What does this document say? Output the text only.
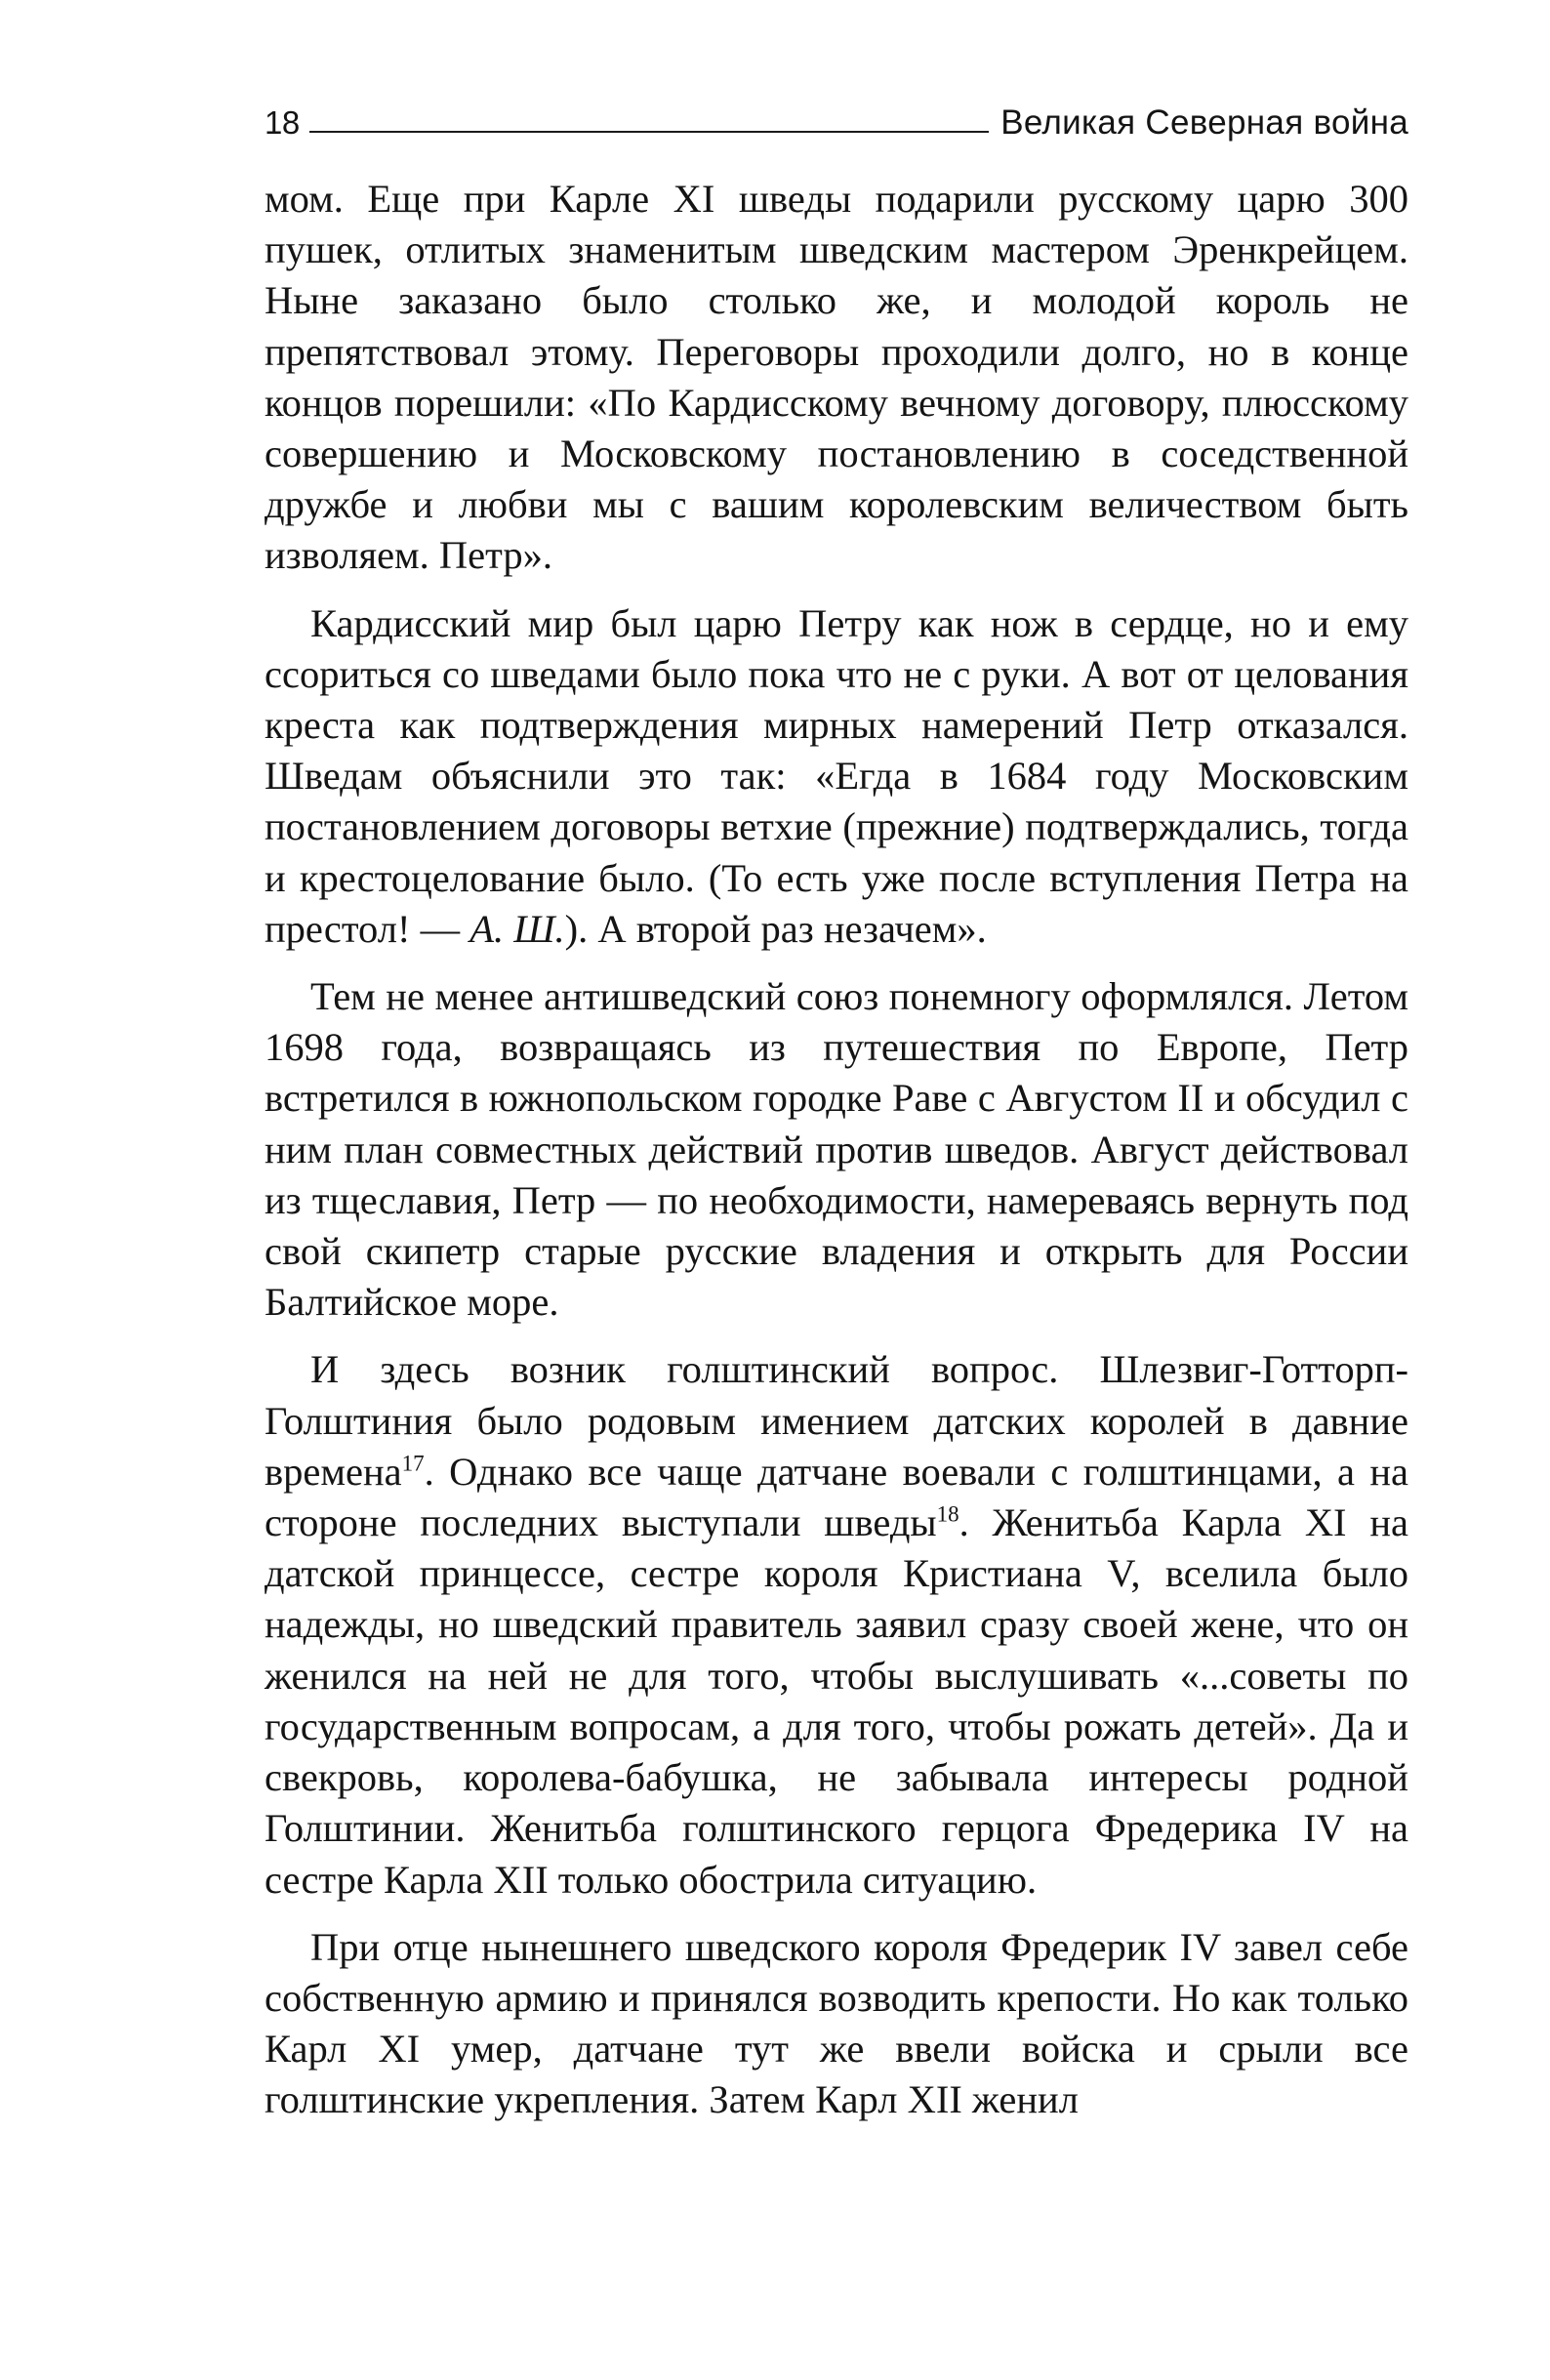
18	Великая Северная война

мом. Еще при Карле XI шведы подарили русскому царю 300 пушек, отлитых знаменитым шведским мастером Эренкрейцем. Ныне заказано было столько же, и молодой король не препятствовал этому. Переговоры проходили долго, но в конце концов порешили: «По Кардисскому вечному договору, плюсскому совершению и Московскому постановлению в соседственной дружбе и любви мы с вашим королевским величеством быть изволяем. Петр».

Кардисский мир был царю Петру как нож в сердце, но и ему ссориться со шведами было пока что не с руки. А вот от целования креста как подтверждения мирных намерений Петр отказался. Шведам объяснили это так: «Егда в 1684 году Московским постановлением договоры ветхие (прежние) подтверждались, тогда и крестоцелование было. (То есть уже после вступления Петра на престол! — А. Ш.). А второй раз незачем».

Тем не менее антишведский союз понемногу оформлялся. Летом 1698 года, возвращаясь из путешествия по Европе, Петр встретился в южнопольском городке Раве с Августом II и обсудил с ним план совместных действий против шведов. Август действовал из тщеславия, Петр — по необходимости, намереваясь вернуть под свой скипетр старые русские владения и открыть для России Балтийское море.

И здесь возник голштинский вопрос. Шлезвиг-Готторп-Голштиния было родовым имением датских королей в давние времена$^{17}$. Однако все чаще датчане воевали с голштинцами, а на стороне последних выступали шведы$^{18}$. Женитьба Карла XI на датской принцессе, сестре короля Кристиана V, вселила было надежды, но шведский правитель заявил сразу своей жене, что он женился на ней не для того, чтобы выслушивать «...советы по государственным вопросам, а для того, чтобы рожать детей». Да и свекровь, королева-бабушка, не забывала интересы родной Голштинии. Женитьба голштинского герцога Фредерика IV на сестре Карла XII только обострила ситуацию.

При отце нынешнего шведского короля Фредерик IV завел себе собственную армию и принялся возводить крепости. Но как только Карл XI умер, датчане тут же ввели войска и срыли все голштинские укрепления. Затем Карл XII женил
